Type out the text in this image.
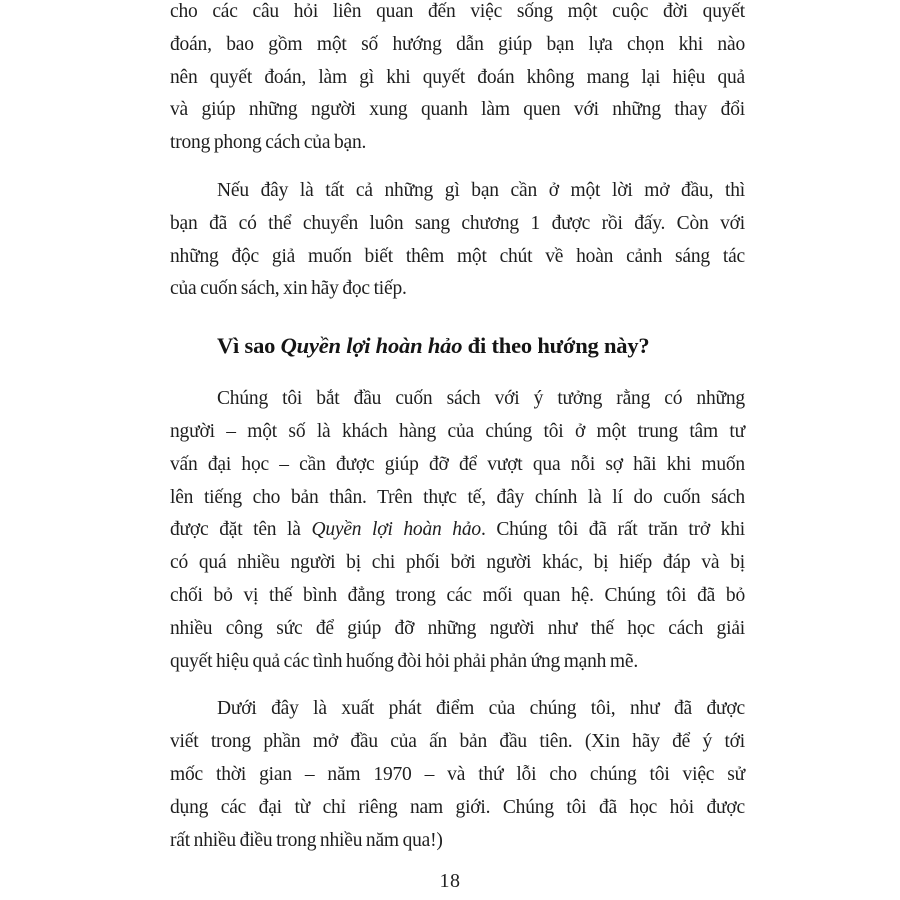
cho các câu hỏi liên quan đến việc sống một cuộc đời quyết
đoán, bao gồm một số hướng dẫn giúp bạn lựa chọn khi nào
nên quyết đoán, làm gì khi quyết đoán không mang lại hiệu quả
và giúp những người xung quanh làm quen với những thay đổi
trong phong cách của bạn.
Nếu đây là tất cả những gì bạn cần ở một lời mở đầu, thì
bạn đã có thể chuyển luôn sang chương 1 được rồi đấy. Còn với
những độc giả muốn biết thêm một chút về hoàn cảnh sáng tác
của cuốn sách, xin hãy đọc tiếp.
Vì sao Quyền lợi hoàn hảo đi theo hướng này?
Chúng tôi bắt đầu cuốn sách với ý tưởng rằng có những
người – một số là khách hàng của chúng tôi ở một trung tâm tư
vấn đại học – cần được giúp đỡ để vượt qua nỗi sợ hãi khi muốn
lên tiếng cho bản thân. Trên thực tế, đây chính là lí do cuốn sách
được đặt tên là Quyền lợi hoàn hảo. Chúng tôi đã rất trăn trở khi
có quá nhiều người bị chi phối bởi người khác, bị hiếp đáp và bị
chối bỏ vị thế bình đẳng trong các mối quan hệ. Chúng tôi đã bỏ
nhiều công sức để giúp đỡ những người như thế học cách giải
quyết hiệu quả các tình huống đòi hỏi phải phản ứng mạnh mẽ.
Dưới đây là xuất phát điểm của chúng tôi, như đã được
viết trong phần mở đầu của ấn bản đầu tiên. (Xin hãy để ý tới
mốc thời gian – năm 1970 – và thứ lỗi cho chúng tôi việc sử
dụng các đại từ chỉ riêng nam giới. Chúng tôi đã học hỏi được
rất nhiều điều trong nhiều năm qua!)
18
